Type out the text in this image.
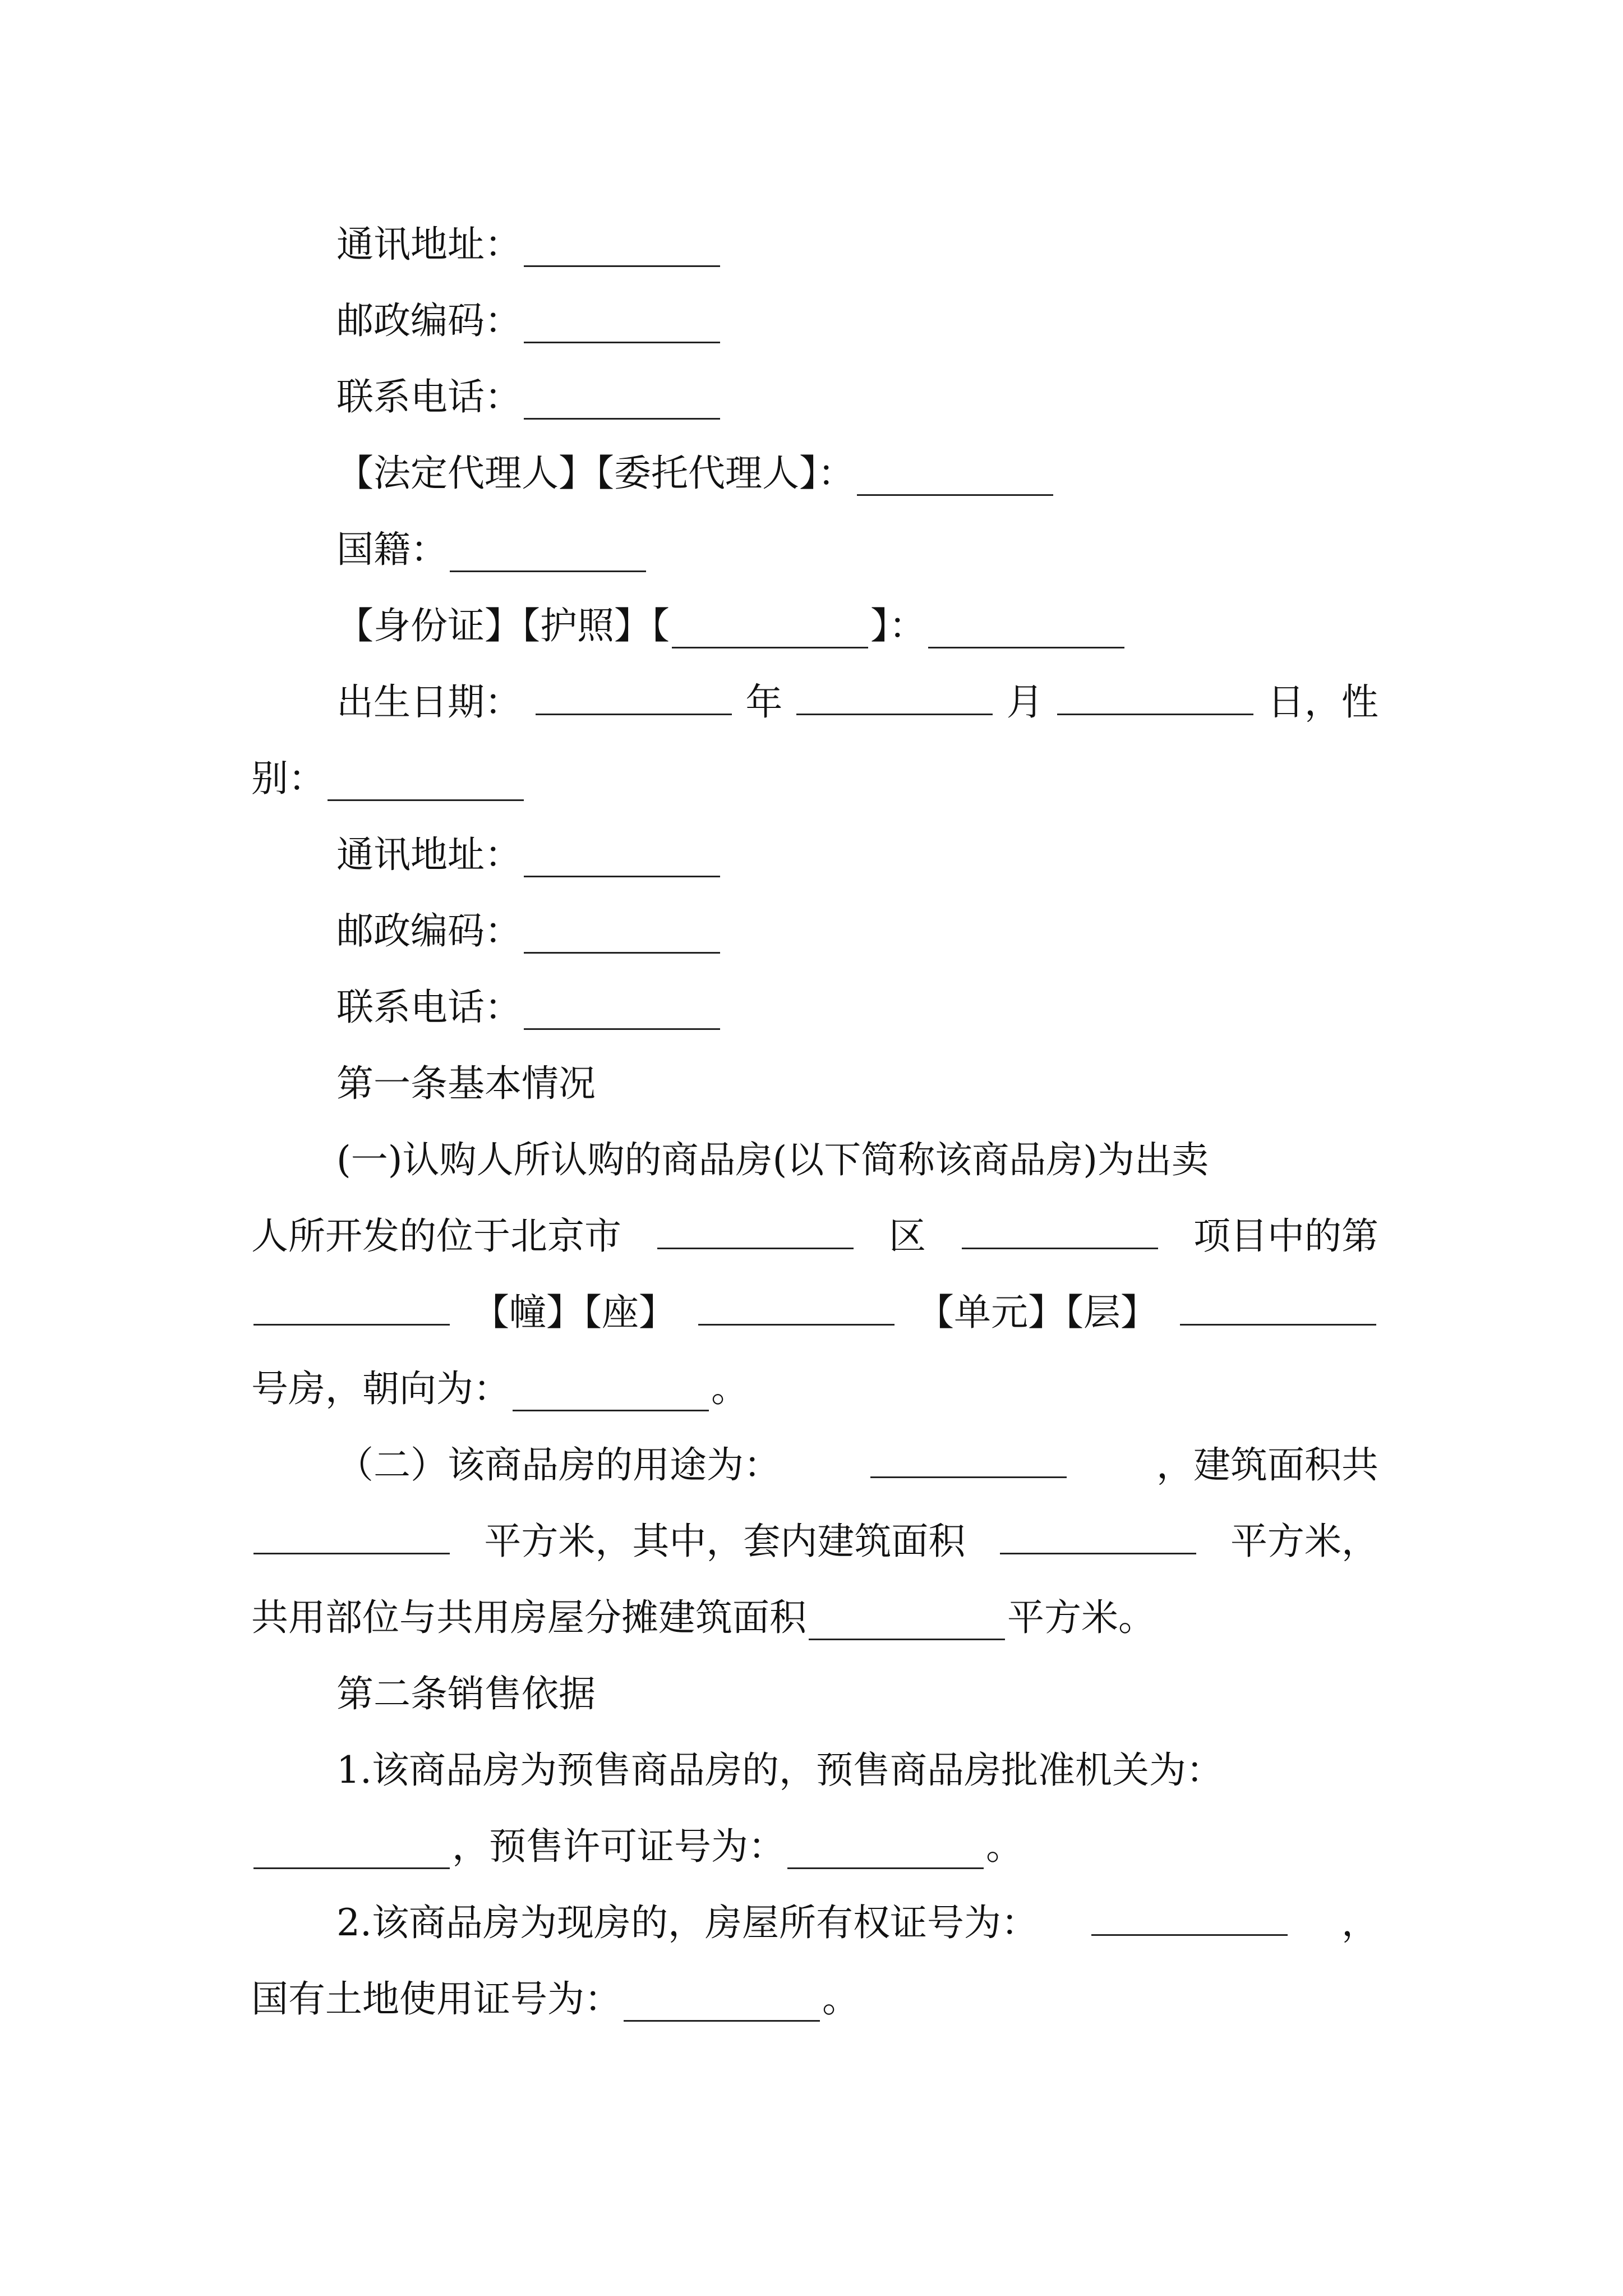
通讯地址：
邮政编码：
联系电话：
【法定代理人】【委托代理人】：
国籍：
【身份证】【护照】【	】：
出生日期：	年	月	日，性
别：
通讯地址：
邮政编码：
联系电话：
第一条基本情况
(一)认购人所认购的商品房(以下简称该商品房)为出卖
人所开发的位于北京市	区	项目中的第
【幢】【座】	【单元】【层】
号房，朝向为：	。
（二）该商品房的用途为：	，建筑面积共
平方米，其中，套内建筑面积	平方米，
共用部位与共用房屋分摊建筑面积	平方米。
第二条销售依据
1.该商品房为预售商品房的，预售商品房批准机关为：
，预售许可证号为：	。
2.该商品房为现房的，房屋所有权证号为：	，
国有土地使用证号为：	。
